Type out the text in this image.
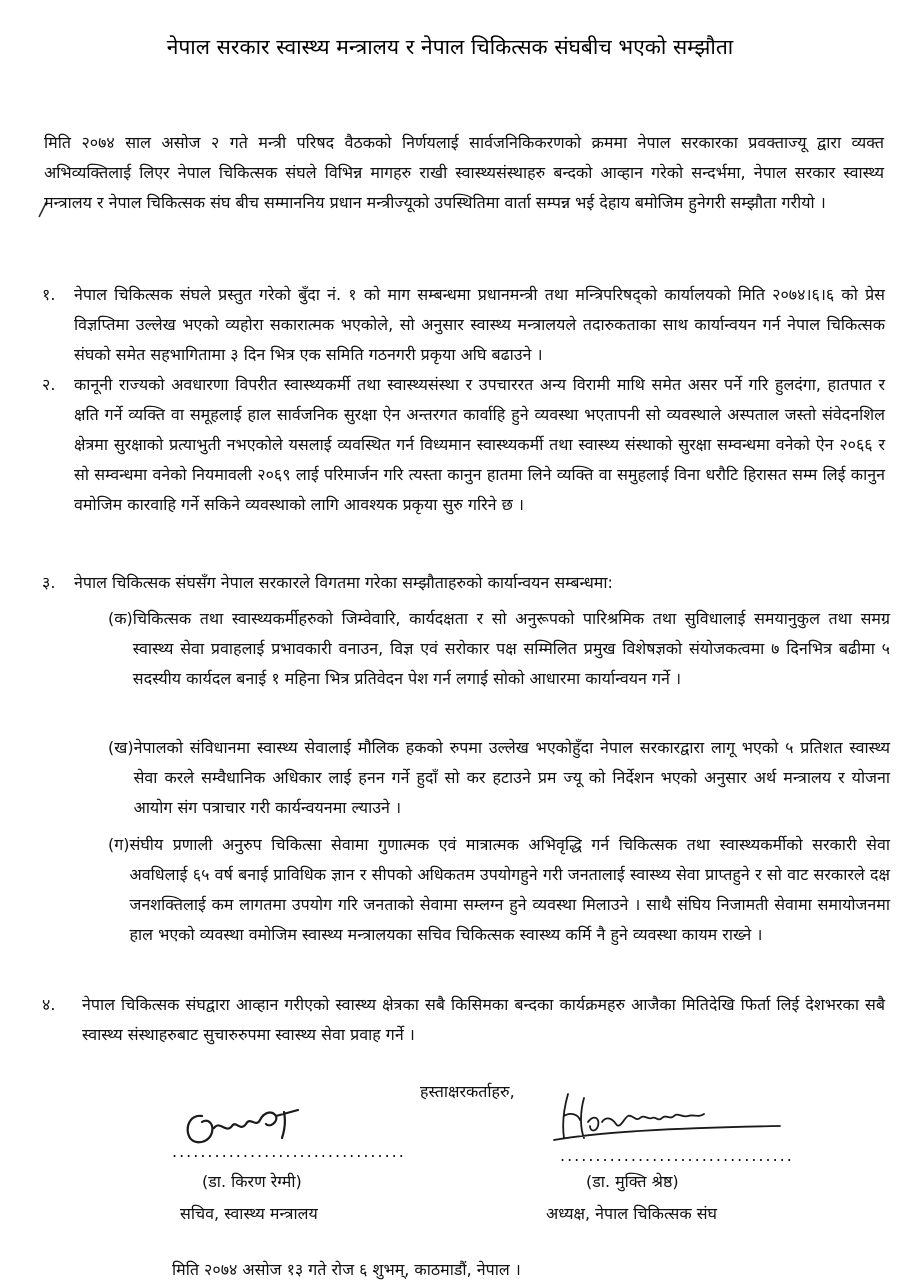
नेपाल सरकार स्वास्थ्य मन्त्रालय र नेपाल चिकित्सक संघबीच भएको सम्झौता
मिति २०७४ साल असोज २ गते मन्त्री परिषद वैठकको निर्णयलाई सार्वजनिकिकरणको क्रममा नेपाल सरकारका प्रवक्ताज्यू द्वारा व्यक्त अभिव्यक्तिलाई लिएर नेपाल चिकित्सक संघले विभिन्न मागहरु राखी स्वास्थ्यसंस्थाहरु बन्दको आव्हान गरेको सन्दर्भमा, नेपाल सरकार स्वास्थ्य मन्त्रालय र नेपाल चिकित्सक संघ बीच सम्माननिय प्रधान मन्त्रीज्यूको उपस्थितिमा वार्ता सम्पन्न भई देहाय बमोजिम हुनेगरी सम्झौता गरीयो ।
१.	नेपाल चिकित्सक संघले प्रस्तुत गरेको बुँदा नं. १ को माग सम्बन्धमा प्रधानमन्त्री तथा मन्त्रिपरिषद्को कार्यालयको मिति २०७४।६।६ को प्रेस विज्ञप्तिमा उल्लेख भएको व्यहोरा सकारात्मक भएकोले, सो अनुसार स्वास्थ्य मन्त्रालयले तदारुकताका साथ कार्यान्वयन गर्न नेपाल चिकित्सक संघको समेत सहभागितामा ३ दिन भित्र एक समिति गठनगरी प्रकृया अघि बढाउने ।
२.	कानूनी राज्यको अवधारणा विपरीत स्वास्थ्यकर्मी तथा स्वास्थ्यसंस्था र उपचाररत अन्य विरामी माथि समेत असर पर्ने गरि हुलदंगा, हातपात र क्षति गर्ने व्यक्ति वा समूहलाई हाल सार्वजनिक सुरक्षा ऐन अन्तरगत कार्वाहि हुने व्यवस्था भएतापनी सो व्यवस्थाले अस्पताल जस्तो संवेदनशिल क्षेत्रमा सुरक्षाको प्रत्याभुती नभएकोले यसलाई व्यवस्थित गर्न विध्यमान स्वास्थ्यकर्मी तथा स्वास्थ्य संस्थाको सुरक्षा सम्वन्धमा वनेको ऐन २०६६ र सो सम्वन्धमा वनेको नियमावली २०६९ लाई परिमार्जन गरि त्यस्ता कानुन हातमा लिने व्यक्ति वा समुहलाई विना धरौटि हिरासत सम्म लिई कानुन वमोजिम कारवाहि गर्ने सकिने व्यवस्थाको लागि आवश्यक प्रकृया सुरु गरिने छ ।
३.	नेपाल चिकित्सक संघसँग नेपाल सरकारले विगतमा गरेका सम्झौताहरुको कार्यान्वयन सम्बन्धमा:
(क) चिकित्सक तथा स्वास्थ्यकर्मीहरुको जिम्वेवारि, कार्यदक्षता र सो अनुरूपको पारिश्रमिक तथा सुविधालाई समयानुकुल तथा समग्र स्वास्थ्य सेवा प्रवाहलाई प्रभावकारी वनाउन, विज्ञ एवं सरोकार पक्ष सम्मिलित प्रमुख विशेषज्ञको संयोजकत्वमा ७ दिनभित्र बढीमा ५ सदस्यीय कार्यदल बनाई १ महिना भित्र प्रतिवेदन पेश गर्न लगाई सोको आधारमा कार्यान्वयन गर्ने ।
(ख) नेपालको संविधानमा स्वास्थ्य सेवालाई मौलिक हकको रुपमा उल्लेख भएकोहुँदा नेपाल सरकारद्वारा लागू भएको ५ प्रतिशत स्वास्थ्य सेवा करले सम्वैधानिक अधिकार लाई हनन गर्ने हुदाँ सो कर हटाउने प्रम ज्यू को निर्देशन भएको अनुसार अर्थ मन्त्रालय र योजना आयोग संग पत्राचार गरी कार्यन्वयनमा ल्याउने ।
(ग) संघीय प्रणाली अनुरुप चिकित्सा सेवामा गुणात्मक एवं मात्रात्मक अभिवृद्धि गर्न चिकित्सक तथा स्वास्थ्यकर्मीको सरकारी सेवा अवधिलाई ६५ वर्ष बनाई प्राविधिक ज्ञान र सीपको अधिकतम उपयोगहुने गरी जनतालाई स्वास्थ्य सेवा प्राप्तहुने र सो वाट सरकारले दक्ष जनशक्तिलाई कम लागतमा उपयोग गरि जनताको सेवामा सम्लग्न हुने व्यवस्था मिलाउने । साथै संघिय निजामती सेवामा समायोजनमा हाल भएको व्यवस्था वमोजिम स्वास्थ्य मन्त्रालयका सचिव चिकित्सक स्वास्थ्य कर्मि नै हुने व्यवस्था कायम राख्ने ।
४.	नेपाल चिकित्सक संघद्वारा आव्हान गरीएको स्वास्थ्य क्षेत्रका सबै किसिमका बन्दका कार्यक्रमहरु आजैका मितिदेखि फिर्ता लिई देशभरका सबै स्वास्थ्य संस्थाहरुबाट सुचारुरुपमा स्वास्थ्य सेवा प्रवाह गर्ने ।
हस्ताक्षरकर्ताहरु,
.................................	.................................
(डा. किरण रेग्मी)
सचिव, स्वास्थ्य मन्त्रालय
(डा. मुक्ति श्रेष्ठ)
अध्यक्ष, नेपाल चिकित्सक संघ
मिति २०७४ असोज १३ गते रोज ६ शुभम्, काठमाडौं, नेपाल ।
